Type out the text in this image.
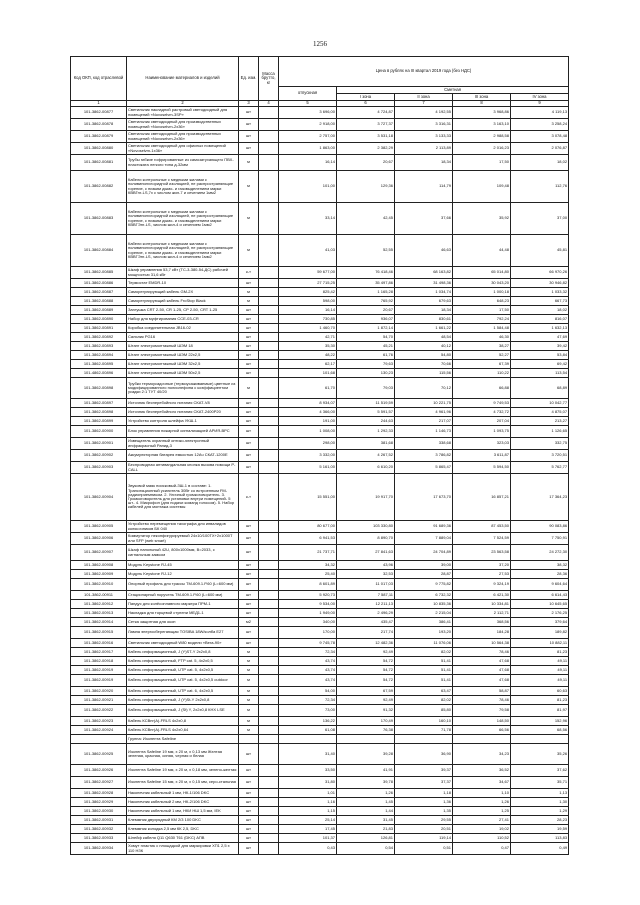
1256
Код ОКП, код отраслевой	Наименование материалов и изделий	Ед. изм.	Масса брутто, кг	Цена в рублях на III квартал 2019 года (без НДС)				
				отпускная	Сметная			
					I зона	II зона	III зона	IV зона
1	2	3	4	5	6	7	8	9
101-3862-00877	Светильник накладной растровый светодиодный для помещений «Novoselvm-3SP»	шт		3 696,00	4 724,87	4 192,55	3 968,86	4 119,13
101-3862-00878	Светильник светодиодный для производственных помещений «Novoselvm-2x36»	шт		2 918,00	3 727,37	3 316,31	3 163,10	3 258,24
101-3862-00879	Светильник светодиодный для производственных помещений «Novoselvm-2x36»	шт		2 757,00	3 531,18	3 133,33	2 988,58	3 078,48
101-3862-00880	Светильник светодиодный для офисных помещений «Novoselvm-1x36»	шт		1 863,00	2 382,29	2 113,89	2 016,23	2 076,87
101-3862-00881	Трубы гибкие гофрированные из самозатухающего ПВХ-пластиката легкого типа д-32мм	м		16,14	20,67	18,34	17,50	18,02
101-3862-00882	Кабели контрольные с медными жилами с поливинилхлоридной изоляцией, не распространяющие горение, с низким дымо- и газовыделением марки КВВГнг-LS,7х с числом жил-7 и сечением 1мм2	м		101,00	129,36	114,79	109,48	112,76
101-3862-00883	Кабели контрольные с медными жилами с поливинилхлоридной изоляцией, не распространяющие горение, с низким дымо- и газовыделением марки КВВГЭнг-LS, числом жил-4 и сечением 1мм2	м		33,14	42,45	37,66	35,92	37,00
101-3862-00884	Кабели контрольные с медными жилами с поливинилхлоридной изоляцией, не распространяющие горение, с низким дымо- и газовыделением марки КВВГЭнг-LS, числом жил-4 и сечением 1мм2	м		41,03	52,55	46,63	44,48	45,81
101-3862-00885	Шкаф управления 53,7 кВт (ТС-3-380-54-ДС) рабочей мощностью 31,6 кВт	к-т		59 677,00	76 418,46	68 163,82	65 014,80	66 970,26
101-3862-00886	Термостат EMDR-10	шт		27 715,25	35 497,86	31 498,36	30 043,20	30 946,82
101-3862-00887	Саморегулирующий кабель GM-2X	м		825,42	1 165,28	1 034,74	1 000,18	1 033,32
101-3862-00888	Саморегулирующий кабель FroStop Black	м		598,00	765,92	679,63	648,23	667,73
101-3862-00889	Заглушка CRT 2-50, CR 1-25, CP 2-50, CRT 1-25	шт		16,14	20,67	18,34	17,50	18,02
101-3862-00890	Набор для муфтирования CCE-03-CR	шт		730,85	936,07	830,61	792,24	816,07
101-3862-00891	Коробка соединительная JB16-02	шт		1 460,70	1 872,14	1 661,22	1 584,48	1 632,13
101-3862-00892	Сальник PG16	шт		42,71	54,70	48,54	46,30	47,69
101-3862-00893	Штанг электромонтажный ШЭМ 18	шт		35,30	45,21	40,12	38,27	39,42
101-3862-00894	Штанг электромонтажный ШЭМ 22х2,5	шт		48,22	61,76	54,80	52,27	53,84
101-3862-00895	Штанг электромонтажный ШЭМ 32х2,5	шт		62,17	79,63	70,66	67,39	69,42
101-4862-00896	Штанг электромонтажный ШЭМ 50х2,5	шт		101,68	130,23	115,56	110,22	113,54
101-3862-00898	Трубки термоусадочные (термоусаживаемые) цветные из модифицированного полиолефина с коэффициентом усадки 2:1 ТУТ 40/20	м		61,70	79,03	70,12	66,88	68,89
101-3862-00897	Источник бесперебойного питания СКАТ-V8	шт		8 934,07	11 519,59	10 221,75	9 749,53	10 042,77
101-3862-00898	Источник бесперебойного питания СКАТ-2400Р20	шт		4 366,00	5 591,57	4 961,96	4 732,72	4 875,07
101-3862-00899	Устройство контроля шлейфа УКШ-1	шт		191,00	244,63	217,07	207,04	213,27
101-3862-00900	Блок управления пожарной сигнализацией АРИЯ-ВРС	шт		1 008,00	1 292,33	1 146,73	1 093,75	1 126,65
101-3862-00901	Извещатель охранный оптико-электронный инфракрасный Рапид-3	шт		298,00	381,68	338,68	323,03	332,75
101-3862-00902	Аккумуляторная батарея емкостью 12Ач СКАТ-1200Е	шт		3 332,00	4 267,52	3 786,82	3 611,87	3 720,51
101-3862-00903	Беспроводная антивандальная кнопка вызова помощи Р-CALL	шт		5 161,00	6 610,20	5 865,47	5 594,50	5 762,77
101-3862-00904	Звуковой маяк поисковый-ЗШ-1 в составе: 1. Трансляционный усилитель 30Вт со встроенным FM- радиоприемником. 2. Уличный громкоговоритель. 3. Громкоговоритель для установки внутри помещений- 5 шт.. 4. Микрофон (для подачи команд голосом). 5. Набор кабелей для монтажа системы	к-т		15 551,00	19 917,70	17 673,70	16 857,21	17 364,23
101-3862-00905	Устройство перемещения тахографа для инвалидов колясочников БК 040	шт		80 677,00	103 330,80	91 689,36	87 453,50	90 083,86
101-3862-00906	Коммутатор неконфигурируемый 24х10/100ТХ+2х1000Т или SFP (web smart)	шт		6 941,53	8 890,70	7 889,04	7 524,59	7 750,91
101-3862-00907	Шкаф напольный 42U, 800х1000мм, В=2033, с сигнальным замком	шт		21 737,71	27 841,63	24 704,89	23 563,58	24 272,30
101-3862-00908	Модуль Keystone RJ-45	шт		34,32	43,96	39,00	37,20	38,32
101-3862-00909	Модуль Keystone RJ-12	шт		25,40	32,53	28,87	27,53	28,36
101-3862-00910	Опорный профиль для трассы ТМ-609.1.Р.60 (L=600 мм)	шт		8 601,89	11 017,03	9 775,82	9 324,19	9 604,64
101-3862-00911	Стационарный поручень ТМ-609.1.Р.60 (L=600 мм)	шт		5 920,73	7 587,11	6 732,32	6 421,30	6 614,43
101-3862-00912	Пандус для колёсоплавного маркера ПРМ-1	шт		9 534,00	12 211,13	10 835,36	10 334,81	10 645,65
101-3862-00913	Накладка для торцевой ступени МЕД1-1	шт		1 949,00	2 496,29	2 215,04	2 112,71	2 176,25
101-3862-00914	Сетка защитная для окон	м2		340,00	435,47	386,41	368,56	379,64
101-3862-00915	Лампа энергосберегающая TOSIBA 18W/колба E27	шт		170,00	217,74	193,20	184,28	189,82
101-3862-00916	Светильник светодиодный W80 модели «Вега-90»	шт		9 745,78	12 482,36	11 076,06	10 564,38	10 882,11
101-3862-00917	Кабель информационный, J (Y)ST-Y 2х2х0,8	м		72,34	92,49	82,02	78,46	81,23
101-3862-00918	Кабель информационный, FTP cat. 5, 4х2х0,5	м		43,74	54,72	51,41	47,68	49,11
101-3862-00919	Кабель информационный, UTP cat. 5, 4х2х0,5	м		43,74	54,72	51,41	47,68	49,11
101-3862-00919	Кабель информационный, UTP cat. 5, 4х2х0,5 outdoor	м		43,74	54,72	51,41	47,68	49,11
101-3862-00920	Кабель информационный, UTP cat. 6, 4х2х0,5	м		54,00	67,59	63,47	58,87	60,63
101-3862-00921	Кабель информационный, J (Y)St-Y 2х2х0,8	м		72,34	92,49	82,02	78,46	81,23
101-3862-00922	Кабель информационный, J (St) Y, 2х2х0,8 КНХ LSE	м		73,00	91,32	85,80	79,58	81,97
101-3862-00923	Кабель КСВнг(А)-FRLS 4х2х0,8	м		136,22	170,49	160,10	148,50	152,96
101-3862-00924	Кабель КСВнг(А)-FRLS 4х2х0,64	м		61,08	76,38	71,78	66,56	68,56
	Группа: Изолента Safeline							
101-3862-00925	Изолента Safeline 19 мм, х 20 м, х 0,13 мм Желтая зеленая, красная, синяя, черная и белая	шт		31,40	39,28	36,90	34,23	35,26
101-3862-00926	Изолента Safeline 19 мм, х 20 м, х 0,18 мм, зелено-желтая	шт		33,50	41,91	39,37	36,52	37,62
101-3862-00927	Изолента Safeline 15 мм, х 20 м, х 0,15 мм, серо-стальная	шт		31,80	39,78	37,37	34,67	35,71
101-3862-00928	Наконечник кабельный 1 мм, НК-1/106 DKC	шт		1,01	1,26	1,18	1,10	1,13
101-3862-00929	Наконечник кабельный 2 мм, НК-2/106 DKC	шт		1,16	1,45	1,36	1,26	1,30
101-3862-00930	Наконечник кабельный 1 мм, НКИ НШ 1,5 мм, IEK	шт		1,15	1,44	1,35	1,25	1,29
101-3862-00931	Клеммник двухрядный КМ 2/3 100 DKC	шт		25,14	31,45	29,55	27,41	28,23
101-3862-00932	Клеммник колодка 2,5 мм КК 2,5, DKC	шт		17,45	21,83	20,51	19,02	19,59
101-3862-00933	Шлейф кабеля Q11 Q630 T61 (DKC) АПВ	шт		101,37	126,81	119,14	110,52	113,83
101-3862-00934	Хомут пластик с площадкой для маркировки XП1 2,5 х 110 НЗК	шт		0,43	0,54	0,51	0,47	0,49
